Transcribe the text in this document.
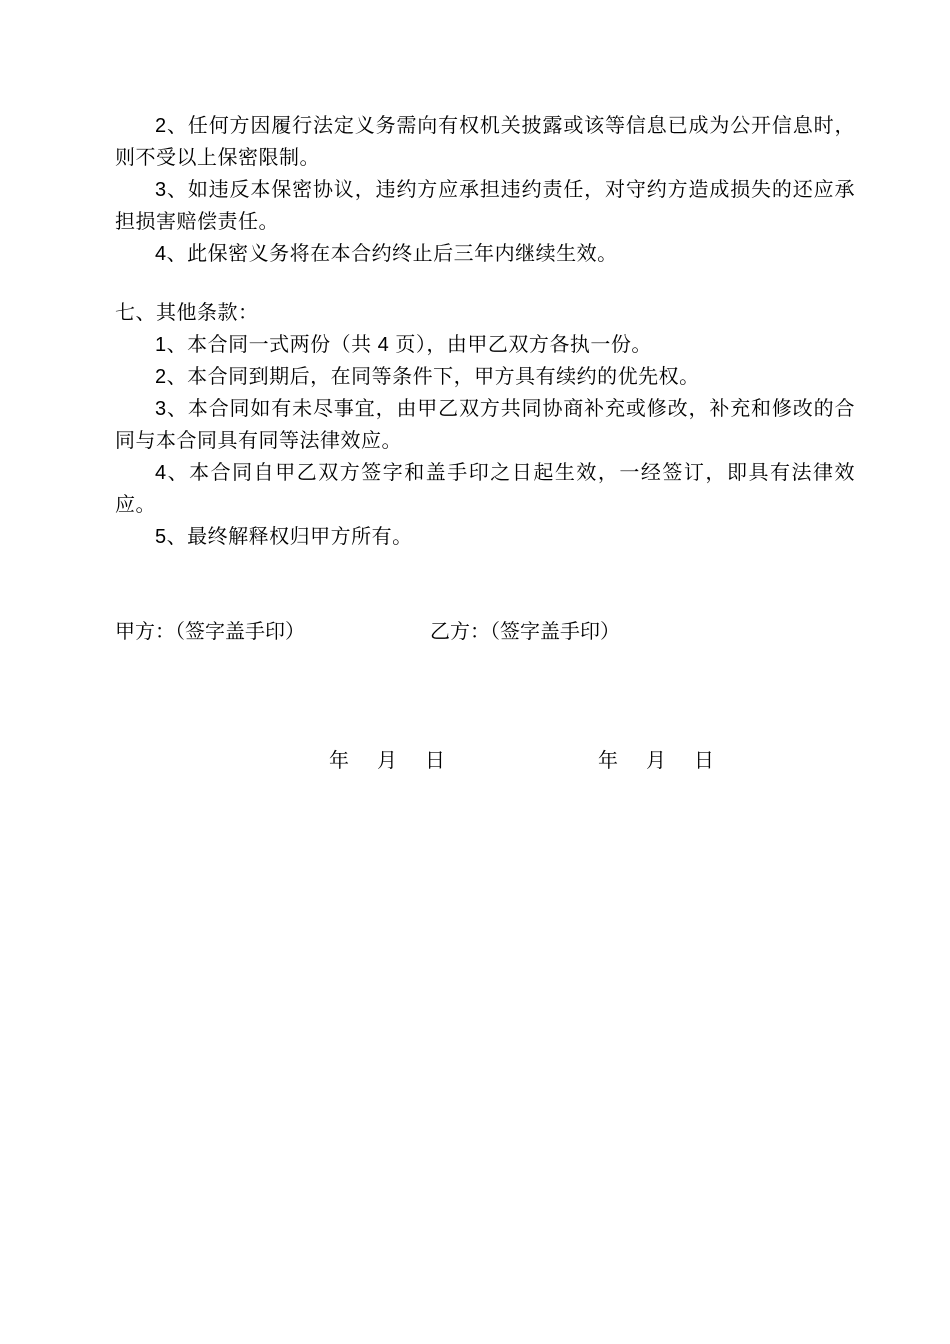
2、任何方因履行法定义务需向有权机关披露或该等信息已成为公开信息时，则不受以上保密限制。

3、如违反本保密协议，违约方应承担违约责任，对守约方造成损失的还应承担损害赔偿责任。

4、此保密义务将在本合约终止后三年内继续生效。

七、其他条款：

1、本合同一式两份（共 4 页），由甲乙双方各执一份。

2、本合同到期后，在同等条件下，甲方具有续约的优先权。

3、本合同如有未尽事宜，由甲乙双方共同协商补充或修改，补充和修改的合同与本合同具有同等法律效应。

4、本合同自甲乙双方签字和盖手印之日起生效，一经签订，即具有法律效应。

5、最终解释权归甲方所有。

甲方：（签字盖手印）	乙方：（签字盖手印）
年　月　日	年　月　日
